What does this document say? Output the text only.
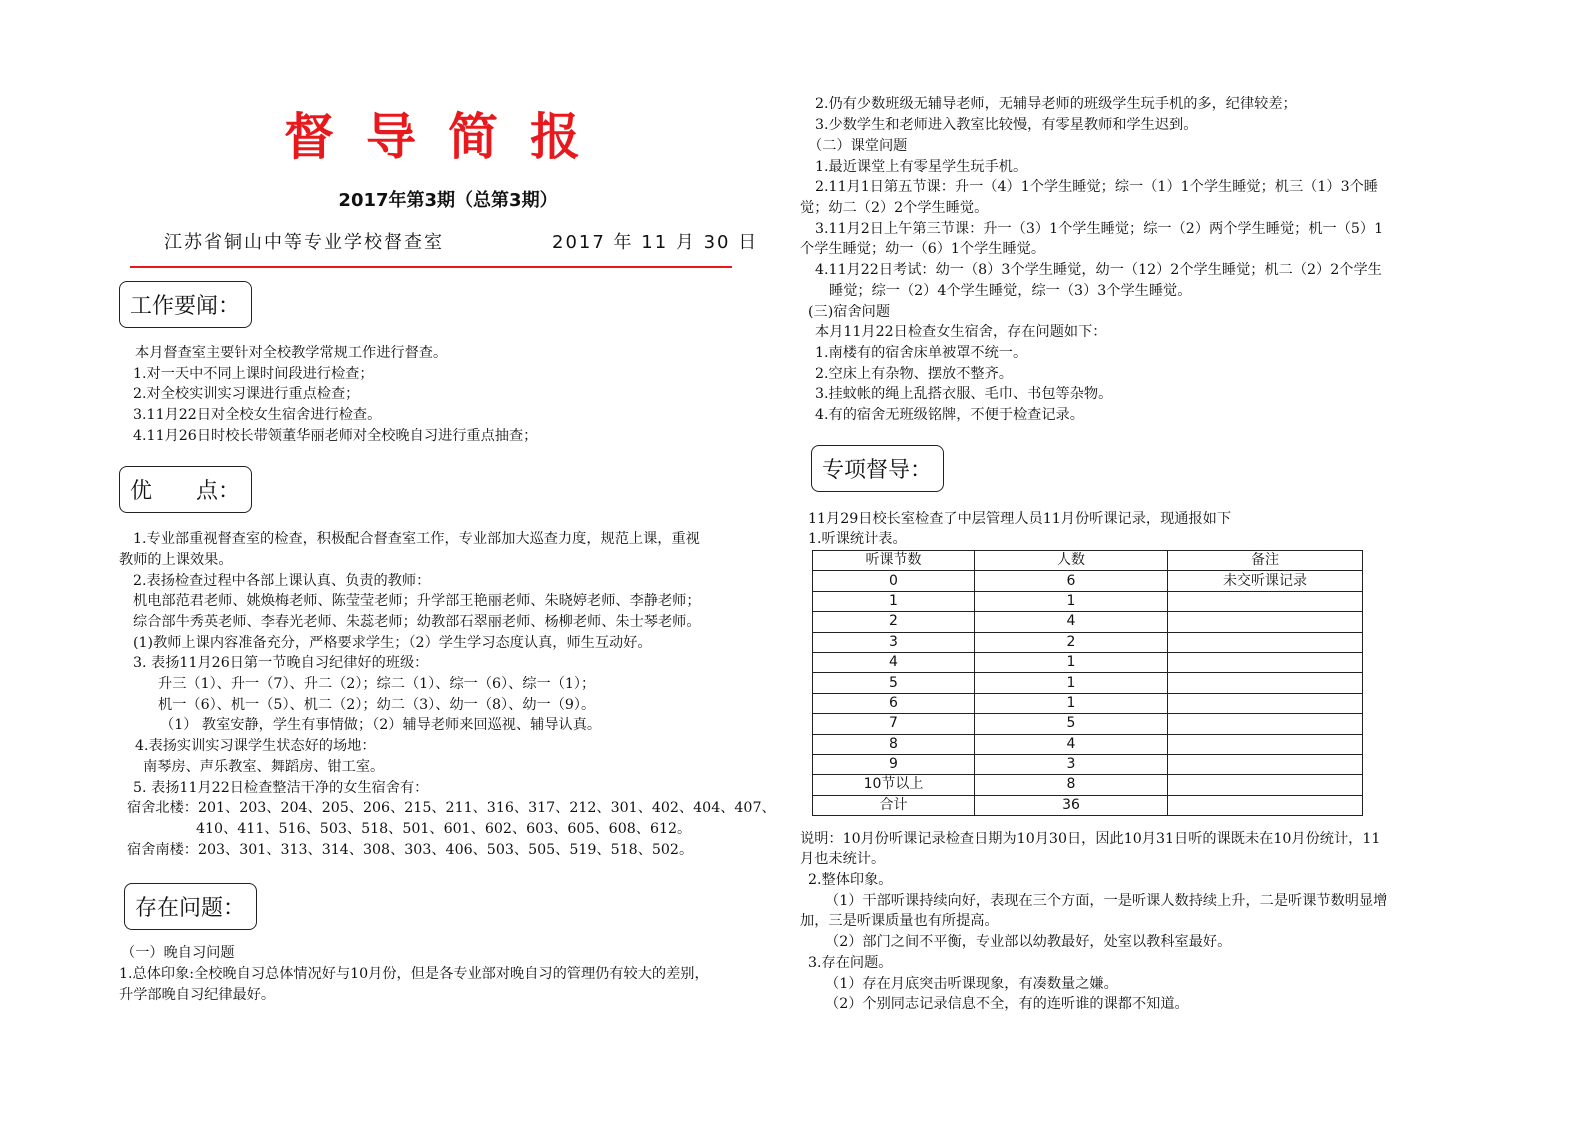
督导简报
2017年第3期（总第3期）
江苏省铜山中等专业学校督查室	2017 年 11 月 30 日
工作要闻：
优　　点：
存在问题：
专项督导：
本月督查室主要针对全校教学常规工作进行督查。
1.对一天中不同上课时间段进行检查；
2.对全校实训实习课进行重点检查；
3.11月22日对全校女生宿舍进行检查。
4.11月26日时校长带领董华丽老师对全校晚自习进行重点抽查；
1.专业部重视督查室的检查，积极配合督查室工作，专业部加大巡查力度，规范上课，重视
教师的上课效果。
2.表扬检查过程中各部上课认真、负责的教师：
机电部范君老师、姚焕梅老师、陈莹莹老师；升学部王艳丽老师、朱晓婷老师、李静老师；
综合部牛秀英老师、李春光老师、朱蕊老师；幼教部石翠丽老师、杨柳老师、朱士琴老师。
(1)教师上课内容准备充分，严格要求学生；（2）学生学习态度认真，师生互动好。
3. 表扬11月26日第一节晚自习纪律好的班级：
升三（1）、升一（7）、升二（2）；综二（1）、综一（6）、综一（1）；
机一（6）、机一（5）、机二（2）；幼二（3）、幼一（8）、幼一（9）。
（1） 教室安静，学生有事情做；（2）辅导老师来回巡视、辅导认真。
4.表扬实训实习课学生状态好的场地：
南琴房、声乐教室、舞蹈房、钳工室。
5. 表扬11月22日检查整洁干净的女生宿舍有：
宿舍北楼：201、203、204、205、206、215、211、316、317、212、301、402、404、407、
410、411、516、503、518、501、601、602、603、605、608、612。
宿舍南楼：203、301、313、314、308、303、406、503、505、519、518、502。
（一）晚自习问题
1.总体印象:全校晚自习总体情况好与10月份，但是各专业部对晚自习的管理仍有较大的差别，
升学部晚自习纪律最好。
2.仍有少数班级无辅导老师，无辅导老师的班级学生玩手机的多，纪律较差；
3.少数学生和老师进入教室比较慢，有零星教师和学生迟到。
（二）课堂问题
1.最近课堂上有零星学生玩手机。
2.11月1日第五节课：升一（4）1个学生睡觉；综一（1）1个学生睡觉；机三（1）3个睡
觉；幼二（2）2个学生睡觉。
3.11月2日上午第三节课：升一（3）1个学生睡觉；综一（2）两个学生睡觉；机一（5）1
个学生睡觉；幼一（6）1个学生睡觉。
4.11月22日考试：幼一（8）3个学生睡觉，幼一（12）2个学生睡觉；机二（2）2个学生
睡觉；综一（2）4个学生睡觉，综一（3）3个学生睡觉。
(三)宿舍问题
本月11月22日检查女生宿舍，存在问题如下：
1.南楼有的宿舍床单被罩不统一。
2.空床上有杂物、摆放不整齐。
3.挂蚊帐的绳上乱搭衣服、毛巾、书包等杂物。
4.有的宿舍无班级铭牌，不便于检查记录。
11月29日校长室检查了中层管理人员11月份听课记录，现通报如下
1.听课统计表。
说明：10月份听课记录检查日期为10月30日，因此10月31日听的课既未在10月份统计，11
月也未统计。
2.整体印象。
（1）干部听课持续向好，表现在三个方面，一是听课人数持续上升，二是听课节数明显增
加，三是听课质量也有所提高。
（2）部门之间不平衡，专业部以幼教最好，处室以教科室最好。
3.存在问题。
（1）存在月底突击听课现象，有凑数量之嫌。
（2）个别同志记录信息不全，有的连听谁的课都不知道。
听课节数	人数	备注
0	6	未交听课记录
1	1	
2	4	
3	2	
4	1	
5	1	
6	1	
7	5	
8	4	
9	3	
10节以上	8	
合计	36	
